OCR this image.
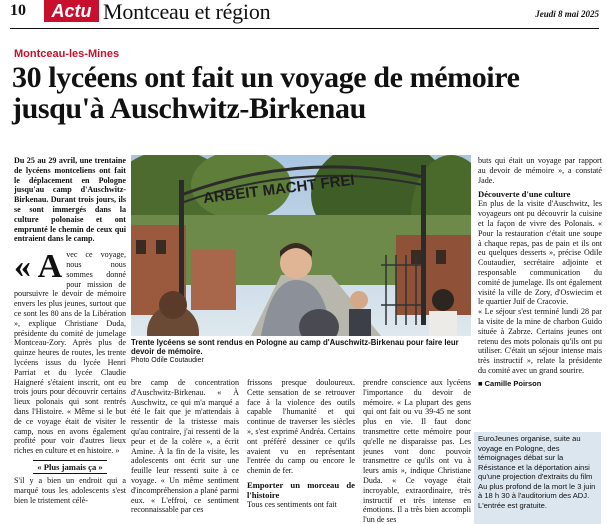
10	Actu Montceau et région	Jeudi 8 mai 2025
Montceau-les-Mines
30 lycéens ont fait un voyage de mémoire jusqu'à Auschwitz-Birkenau

Du 25 au 29 avril, une trentaine de lycéens montceliens ont fait le déplacement en Pologne jusqu'au camp d'Auschwitz-Birkenau. Durant trois jours, ils se sont immergés dans la culture polonaise et ont emprunté le chemin de ceux qui entraient dans le camp.

« A vec ce voyage, nous nous sommes donné pour mission de poursuivre le devoir de mémoire envers les plus jeunes, surtout que ce sont les 80 ans de la Libération », explique Christiane Duda, présidente du comité de jumelage Montceau-Zory. Après plus de quinze heures de routes, les trente lycéens issus du lycée Henri Parriat et du lycée Claudie Haigneré s'étaient inscrit, ont eu trois jours pour découvrir certains lieux polonais qui sont rentrés dans l'Histoire. « Même si le but de ce voyage était de visiter le camp, nous en avons également profité pour voir d'autres lieux riches en culture et en histoire. »

« Plus jamais ça »

S'il y a bien un endroit qui a marqué tous les adolescents s'est bien le tristement célè-

ARBEIT MACHT FREI
Trente lycéens se sont rendus en Pologne au camp d'Auschwitz-Birkenau pour faire leur devoir de mémoire.
Photo Odile Coutaudier

bre camp de concentration d'Auschwitz-Birkenau. « À Auschwitz, ce qui m'a marqué a été le fait que je m'attendais à ressentir de la tristesse mais qu'au contraire, j'ai ressenti de la peur et de la colère », a écrit Amine. À la fin de la visite, les adolescents ont écrit sur une feuille leur ressenti suite à ce voyage. « Un même sentiment d'incompréhension a plané parmi eux. « L'effroi, ce sentiment reconnaissable par ces

frissons presque douloureux. Cette sensation de se retrouver face à la violence des outils capable l'humanité et qui continue de traverser les siècles », s'est exprimé Andréa. Certains ont préféré dessiner ce qu'ils avaient vu en représentant l'entrée du camp ou encore le chemin de fer.

Emporter un morceau de l'histoire

Tous ces sentiments ont fait

prendre conscience aux lycéens l'importance du devoir de mémoire. « La plupart des gens qui ont fait ou vu 39-45 ne sont plus en vie. Il faut donc transmettre cette mémoire pour qu'elle ne disparaisse pas. Les jeunes vont donc pouvoir transmettre ce qu'ils ont vu à leurs amis », indique Christiane Duda. « Ce voyage était incroyable, extraordinaire, très instructif et très intense en émotions. Il a très bien accompli l'un de ses

buts qui était un voyage par rapport au devoir de mémoire », a constaté Jade.

Découverte d'une culture

En plus de la visite d'Auschwitz, les voyageurs ont pu découvrir la cuisine et la façon de vivre des Polonais. « Pour la restauration c'était une soupe à chaque repas, pas de pain et ils ont eu quelques desserts », précise Odile Coutaudier, secrétaire adjointe et responsable communication du comité de jumelage. Ils ont également visité la ville de Zory, d'Oswiecim et le quartier Juif de Cracovie.

« Le séjour s'est terminé lundi 28 par la visite de la mine de charbon Guido située à Zabrze. Certains jeunes ont retenu des mots polonais qu'ils ont pu utiliser. C'était un séjour intense mais très instructif », relate la présidente du comité avec un grand sourire.

■ Camille Poirson
EuroJeunes organise, suite au voyage en Pologne, des témoignages débat sur la Résistance et la déportation ainsi qu'une projection d'extraits du film Au plus profond de la mort le 3 juin à 18 h 30 à l'auditorium des ADJ. L'entrée est gratuite.
